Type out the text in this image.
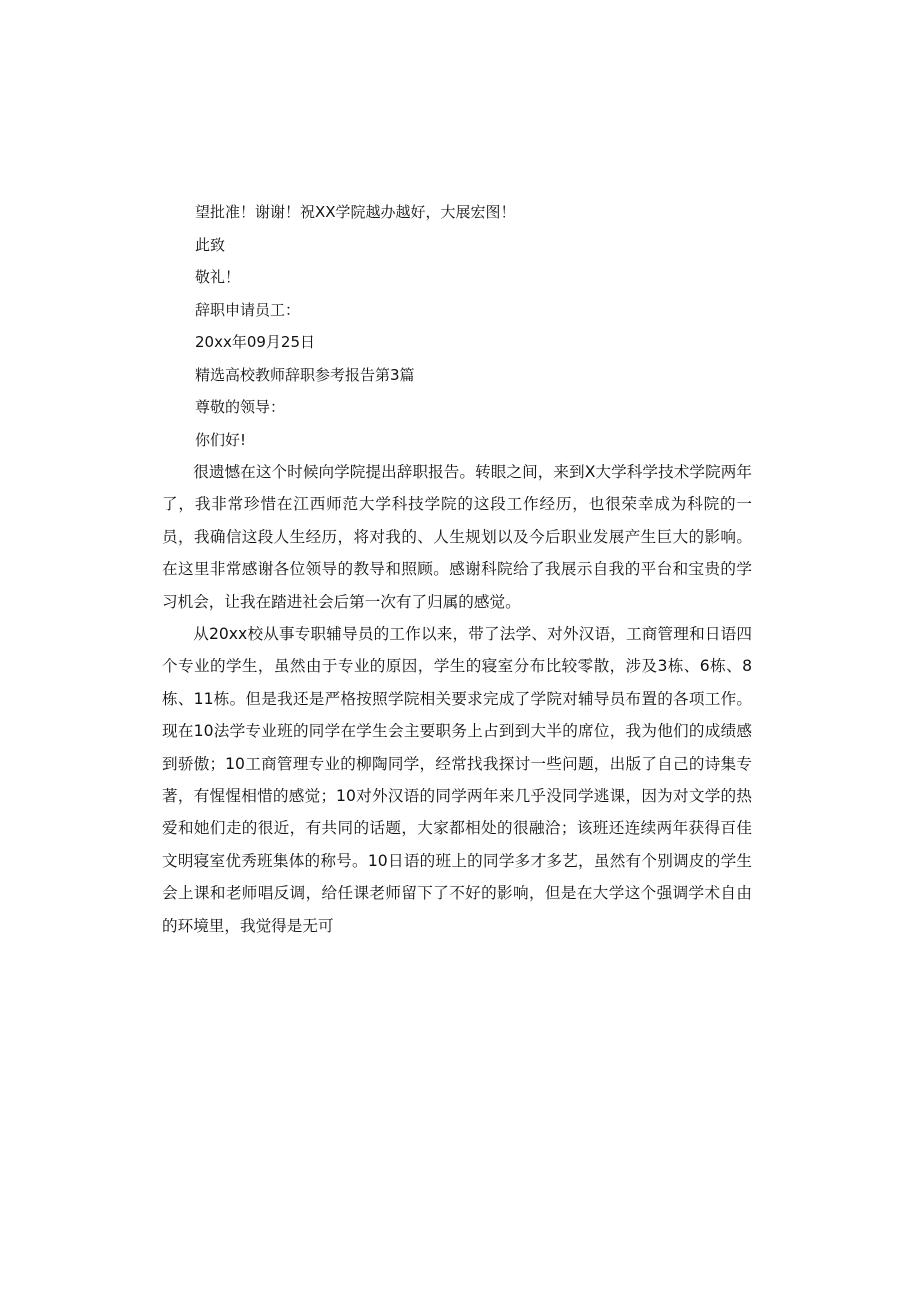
望批准！谢谢！祝XX学院越办越好，大展宏图！
此致
敬礼！
辞职申请员工：
20xx年09月25日
精选高校教师辞职参考报告第3篇
尊敬的领导：
你们好!

很遗憾在这个时候向学院提出辞职报告。转眼之间，来到X大学科学技术学院两年了，我非常珍惜在江西师范大学科技学院的这段工作经历，也很荣幸成为科院的一员，我确信这段人生经历，将对我的、人生规划以及今后职业发展产生巨大的影响。在这里非常感谢各位领导的教导和照顾。感谢科院给了我展示自我的平台和宝贵的学习机会，让我在踏进社会后第一次有了归属的感觉。

从20xx校从事专职辅导员的工作以来，带了法学、对外汉语，工商管理和日语四个专业的学生，虽然由于专业的原因，学生的寝室分布比较零散，涉及3栋、6栋、8栋、11栋。但是我还是严格按照学院相关要求完成了学院对辅导员布置的各项工作。现在10法学专业班的同学在学生会主要职务上占到到大半的席位，我为他们的成绩感到骄傲；10工商管理专业的柳陶同学，经常找我探讨一些问题，出版了自己的诗集专著，有惺惺相惜的感觉；10对外汉语的同学两年来几乎没同学逃课，因为对文学的热爱和她们走的很近，有共同的话题，大家都相处的很融洽；该班还连续两年获得百佳文明寝室优秀班集体的称号。10日语的班上的同学多才多艺，虽然有个别调皮的学生会上课和老师唱反调，给任课老师留下了不好的影响，但是在大学这个强调学术自由的环境里，我觉得是无可
